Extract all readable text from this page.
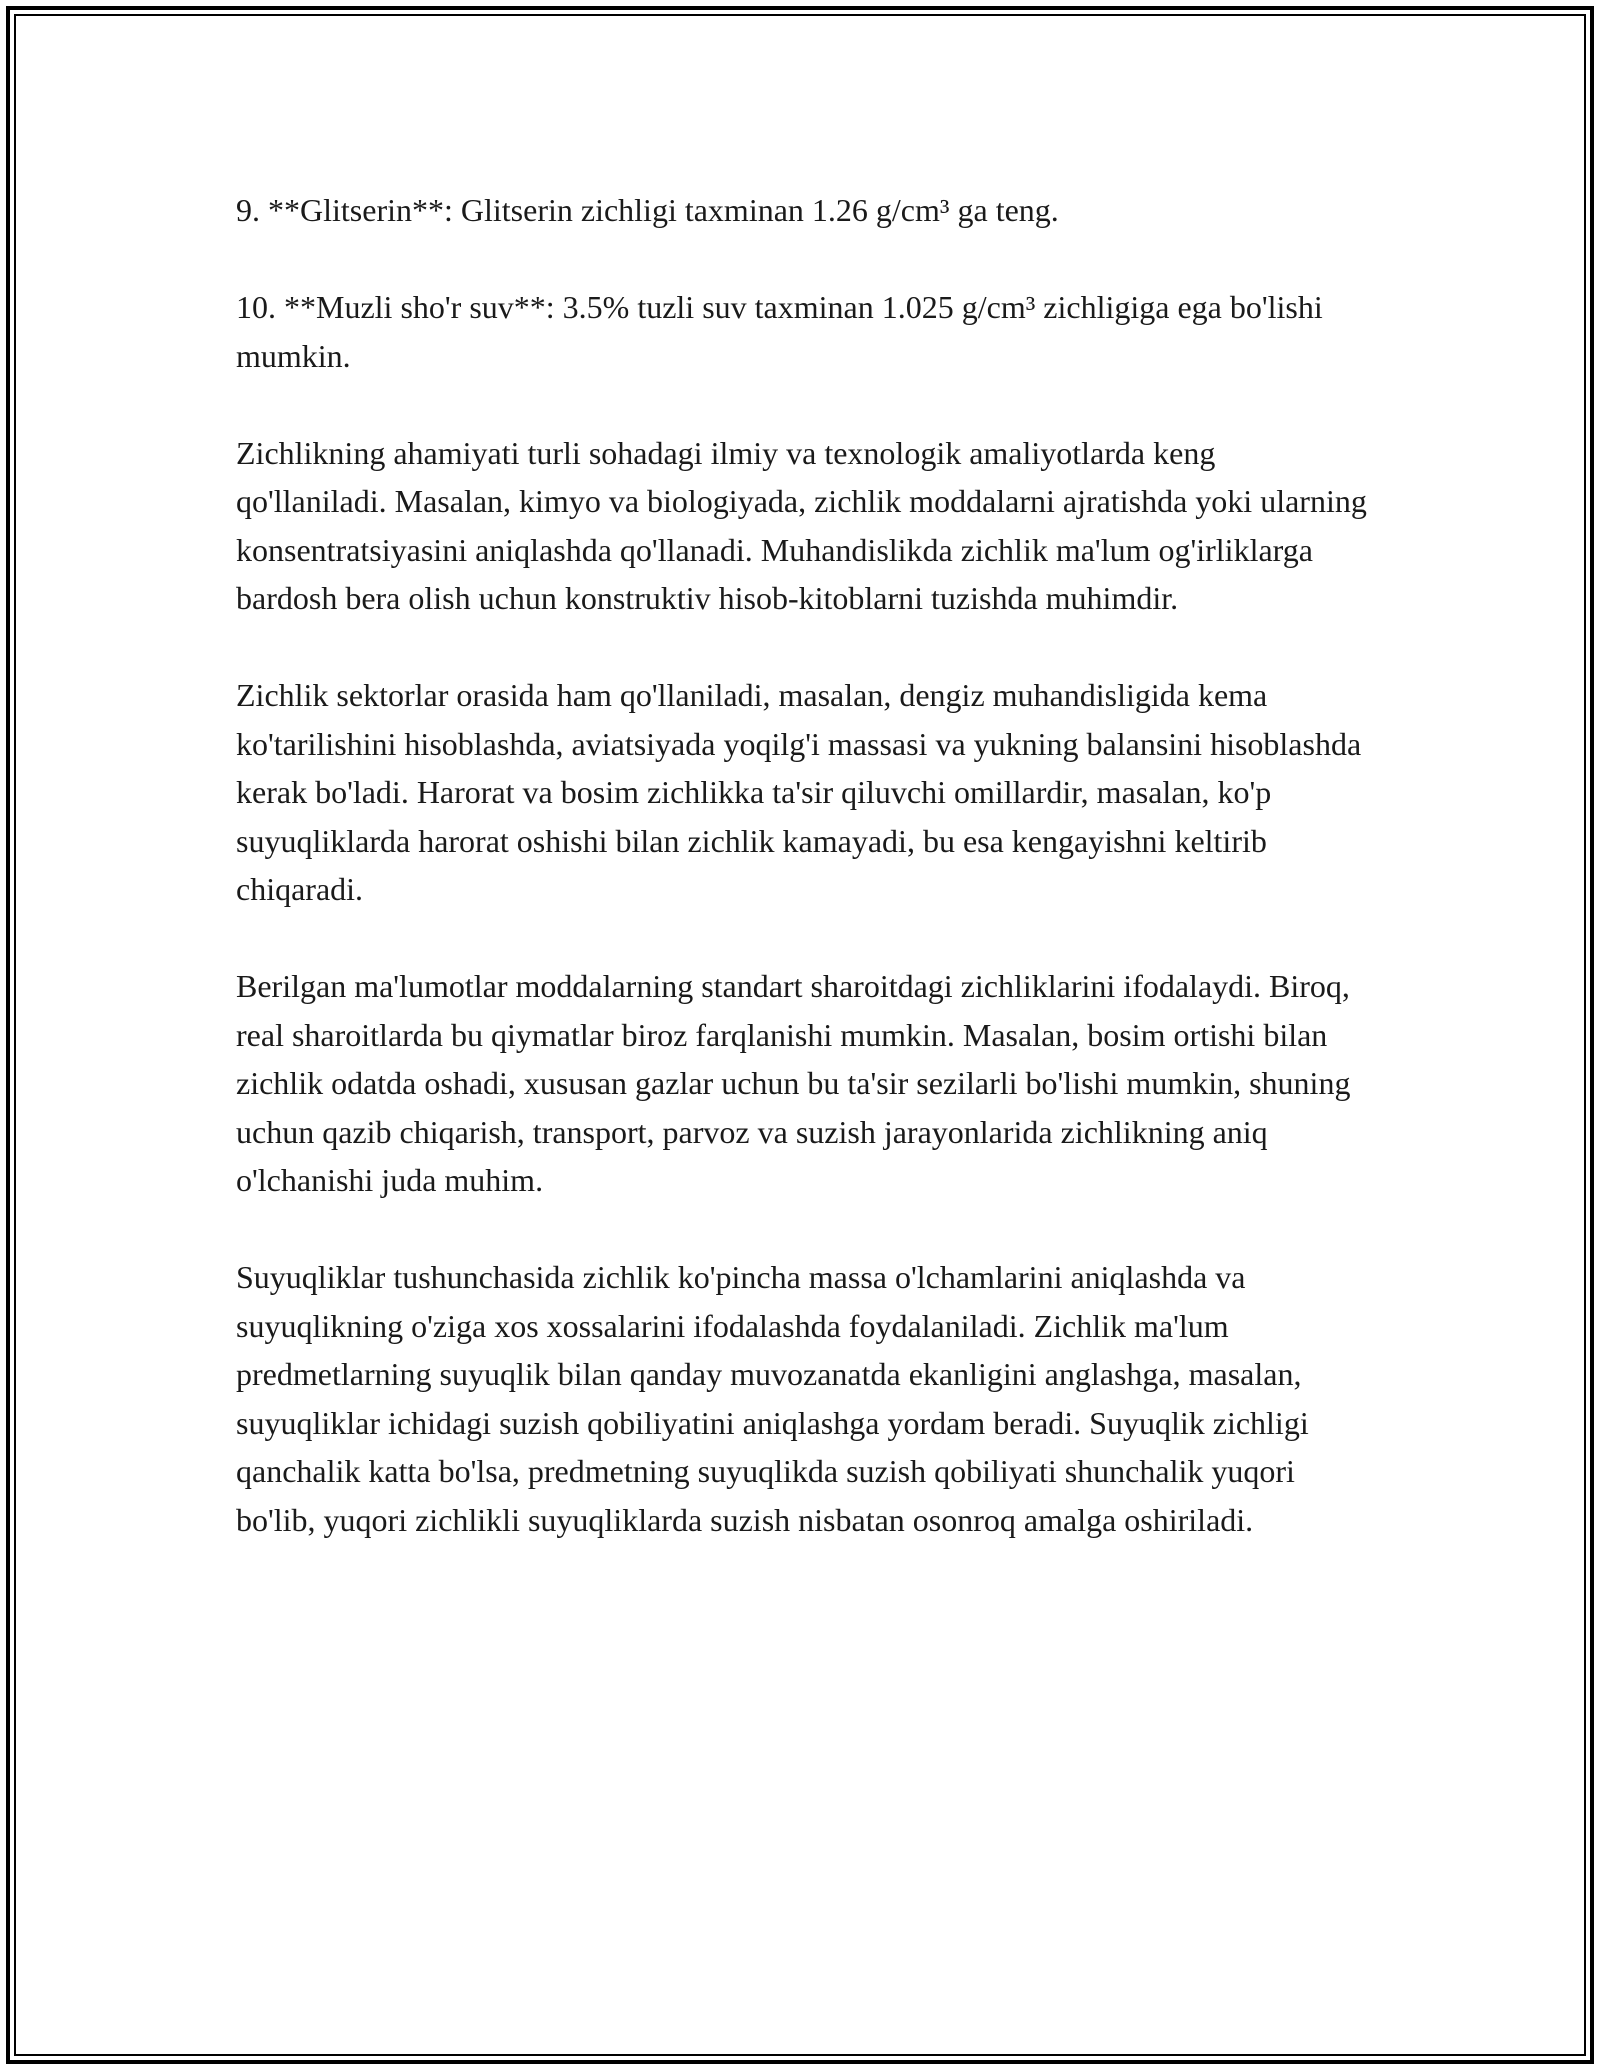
9. **Glitserin**: Glitserin zichligi taxminan 1.26 g/cm³ ga teng.

10. **Muzli sho'r suv**: 3.5% tuzli suv taxminan 1.025 g/cm³ zichligiga ega bo'lishi mumkin.

Zichlikning ahamiyati turli sohadagi ilmiy va texnologik amaliyotlarda keng qo'llaniladi. Masalan, kimyo va biologiyada, zichlik moddalarni ajratishda yoki ularning konsentratsiyasini aniqlashda qo'llanadi. Muhandislikda zichlik ma'lum og'irliklarga bardosh bera olish uchun konstruktiv hisob-kitoblarni tuzishda muhimdir.

Zichlik sektorlar orasida ham qo'llaniladi, masalan, dengiz muhandisligida kema ko'tarilishini hisoblashda, aviatsiyada yoqilg'i massasi va yukning balansini hisoblashda kerak bo'ladi. Harorat va bosim zichlikka ta'sir qiluvchi omillardir, masalan, ko'p suyuqliklarda harorat oshishi bilan zichlik kamayadi, bu esa kengayishni keltirib chiqaradi.

Berilgan ma'lumotlar moddalarning standart sharoitdagi zichliklarini ifodalaydi. Biroq, real sharoitlarda bu qiymatlar biroz farqlanishi mumkin. Masalan, bosim ortishi bilan zichlik odatda oshadi, xususan gazlar uchun bu ta'sir sezilarli bo'lishi mumkin, shuning uchun qazib chiqarish, transport, parvoz va suzish jarayonlarida zichlikning aniq o'lchanishi juda muhim.

Suyuqliklar tushunchasida zichlik ko'pincha massa o'lchamlarini aniqlashda va suyuqlikning o'ziga xos xossalarini ifodalashda foydalaniladi. Zichlik ma'lum predmetlarning suyuqlik bilan qanday muvozanatda ekanligini anglashga, masalan, suyuqliklar ichidagi suzish qobiliyatini aniqlashga yordam beradi. Suyuqlik zichligi qanchalik katta bo'lsa, predmetning suyuqlikda suzish qobiliyati shunchalik yuqori bo'lib, yuqori zichlikli suyuqliklarda suzish nisbatan osonroq amalga oshiriladi.
